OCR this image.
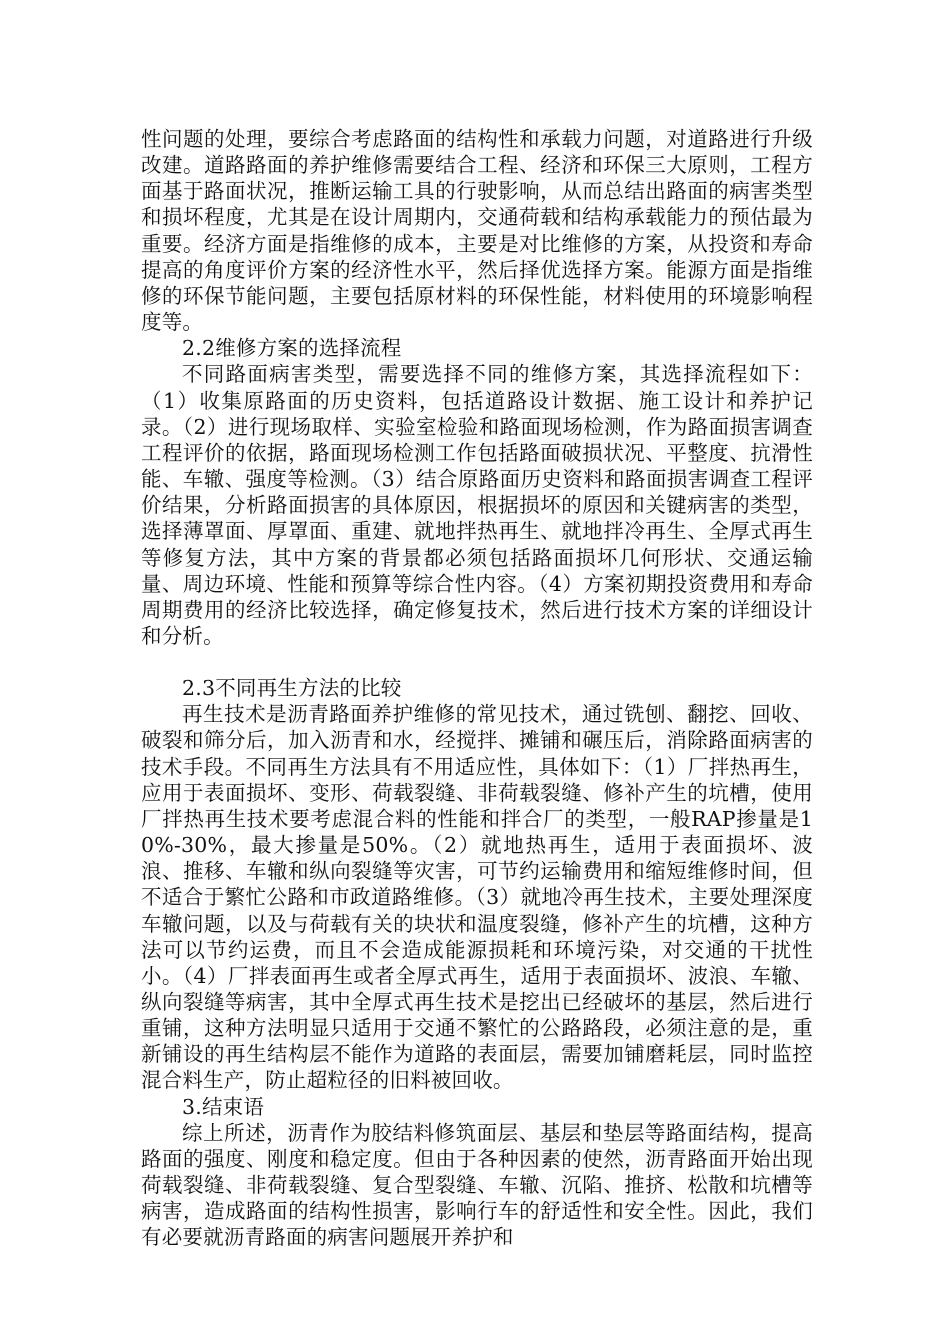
性问题的处理，要综合考虑路面的结构性和承载力问题，对道路进行升级改建。道路路面的养护维修需要结合工程、经济和环保三大原则，工程方面基于路面状况，推断运输工具的行驶影响，从而总结出路面的病害类型和损坏程度，尤其是在设计周期内，交通荷载和结构承载能力的预估最为重要。经济方面是指维修的成本，主要是对比维修的方案，从投资和寿命提高的角度评价方案的经济性水平，然后择优选择方案。能源方面是指维修的环保节能问题，主要包括原材料的环保性能，材料使用的环境影响程度等。

2.2维修方案的选择流程

不同路面病害类型，需要选择不同的维修方案，其选择流程如下：（1）收集原路面的历史资料，包括道路设计数据、施工设计和养护记录。（2）进行现场取样、实验室检验和路面现场检测，作为路面损害调查工程评价的依据，路面现场检测工作包括路面破损状况、平整度、抗滑性能、车辙、强度等检测。（3）结合原路面历史资料和路面损害调查工程评价结果，分析路面损害的具体原因，根据损坏的原因和关键病害的类型，选择薄罩面、厚罩面、重建、就地拌热再生、就地拌冷再生、全厚式再生等修复方法，其中方案的背景都必须包括路面损坏几何形状、交通运输量、周边环境、性能和预算等综合性内容。（4）方案初期投资费用和寿命周期费用的经济比较选择，确定修复技术，然后进行技术方案的详细设计和分析。

2.3不同再生方法的比较

再生技术是沥青路面养护维修的常见技术，通过铣刨、翻挖、回收、破裂和筛分后，加入沥青和水，经搅拌、摊铺和碾压后，消除路面病害的技术手段。不同再生方法具有不用适应性，具体如下：（1）厂拌热再生，应用于表面损坏、变形、荷载裂缝、非荷载裂缝、修补产生的坑槽，使用厂拌热再生技术要考虑混合料的性能和拌合厂的类型，一般RAP掺量是10%-30%，最大掺量是50%。（2）就地热再生，适用于表面损坏、波浪、推移、车辙和纵向裂缝等灾害，可节约运输费用和缩短维修时间，但不适合于繁忙公路和市政道路维修。（3）就地冷再生技术，主要处理深度车辙问题，以及与荷载有关的块状和温度裂缝，修补产生的坑槽，这种方法可以节约运费，而且不会造成能源损耗和环境污染，对交通的干扰性小。（4）厂拌表面再生或者全厚式再生，适用于表面损坏、波浪、车辙、纵向裂缝等病害，其中全厚式再生技术是挖出已经破坏的基层，然后进行重铺，这种方法明显只适用于交通不繁忙的公路路段，必须注意的是，重新铺设的再生结构层不能作为道路的表面层，需要加铺磨耗层，同时监控混合料生产，防止超粒径的旧料被回收。

3.结束语

综上所述，沥青作为胶结料修筑面层、基层和垫层等路面结构，提高路面的强度、刚度和稳定度。但由于各种因素的使然，沥青路面开始出现荷载裂缝、非荷载裂缝、复合型裂缝、车辙、沉陷、推挤、松散和坑槽等病害，造成路面的结构性损害，影响行车的舒适性和安全性。因此，我们有必要就沥青路面的病害问题展开养护和
